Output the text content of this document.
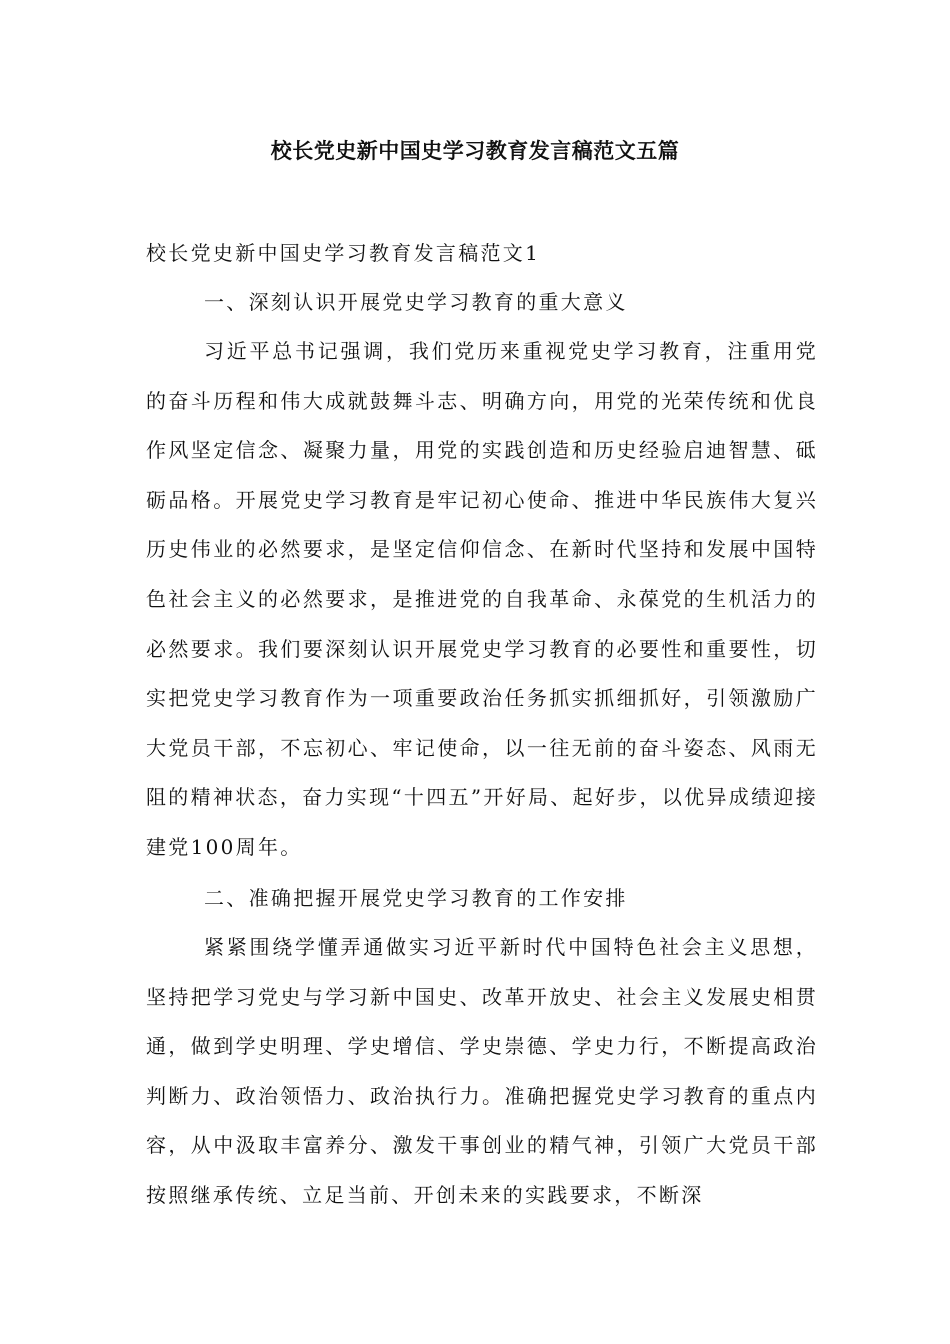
校长党史新中国史学习教育发言稿范文五篇

校长党史新中国史学习教育发言稿范文1

一、深刻认识开展党史学习教育的重大意义

习近平总书记强调，我们党历来重视党史学习教育，注重用党的奋斗历程和伟大成就鼓舞斗志、明确方向，用党的光荣传统和优良作风坚定信念、凝聚力量，用党的实践创造和历史经验启迪智慧、砥砺品格。开展党史学习教育是牢记初心使命、推进中华民族伟大复兴历史伟业的必然要求，是坚定信仰信念、在新时代坚持和发展中国特色社会主义的必然要求，是推进党的自我革命、永葆党的生机活力的必然要求。我们要深刻认识开展党史学习教育的必要性和重要性，切实把党史学习教育作为一项重要政治任务抓实抓细抓好，引领激励广大党员干部，不忘初心、牢记使命，以一往无前的奋斗姿态、风雨无阻的精神状态，奋力实现“十四五”开好局、起好步，以优异成绩迎接建党100周年。

二、准确把握开展党史学习教育的工作安排

紧紧围绕学懂弄通做实习近平新时代中国特色社会主义思想，坚持把学习党史与学习新中国史、改革开放史、社会主义发展史相贯通，做到学史明理、学史增信、学史崇德、学史力行，不断提高政治判断力、政治领悟力、政治执行力。准确把握党史学习教育的重点内容，从中汲取丰富养分、激发干事创业的精气神，引领广大党员干部按照继承传统、立足当前、开创未来的实践要求，不断深
